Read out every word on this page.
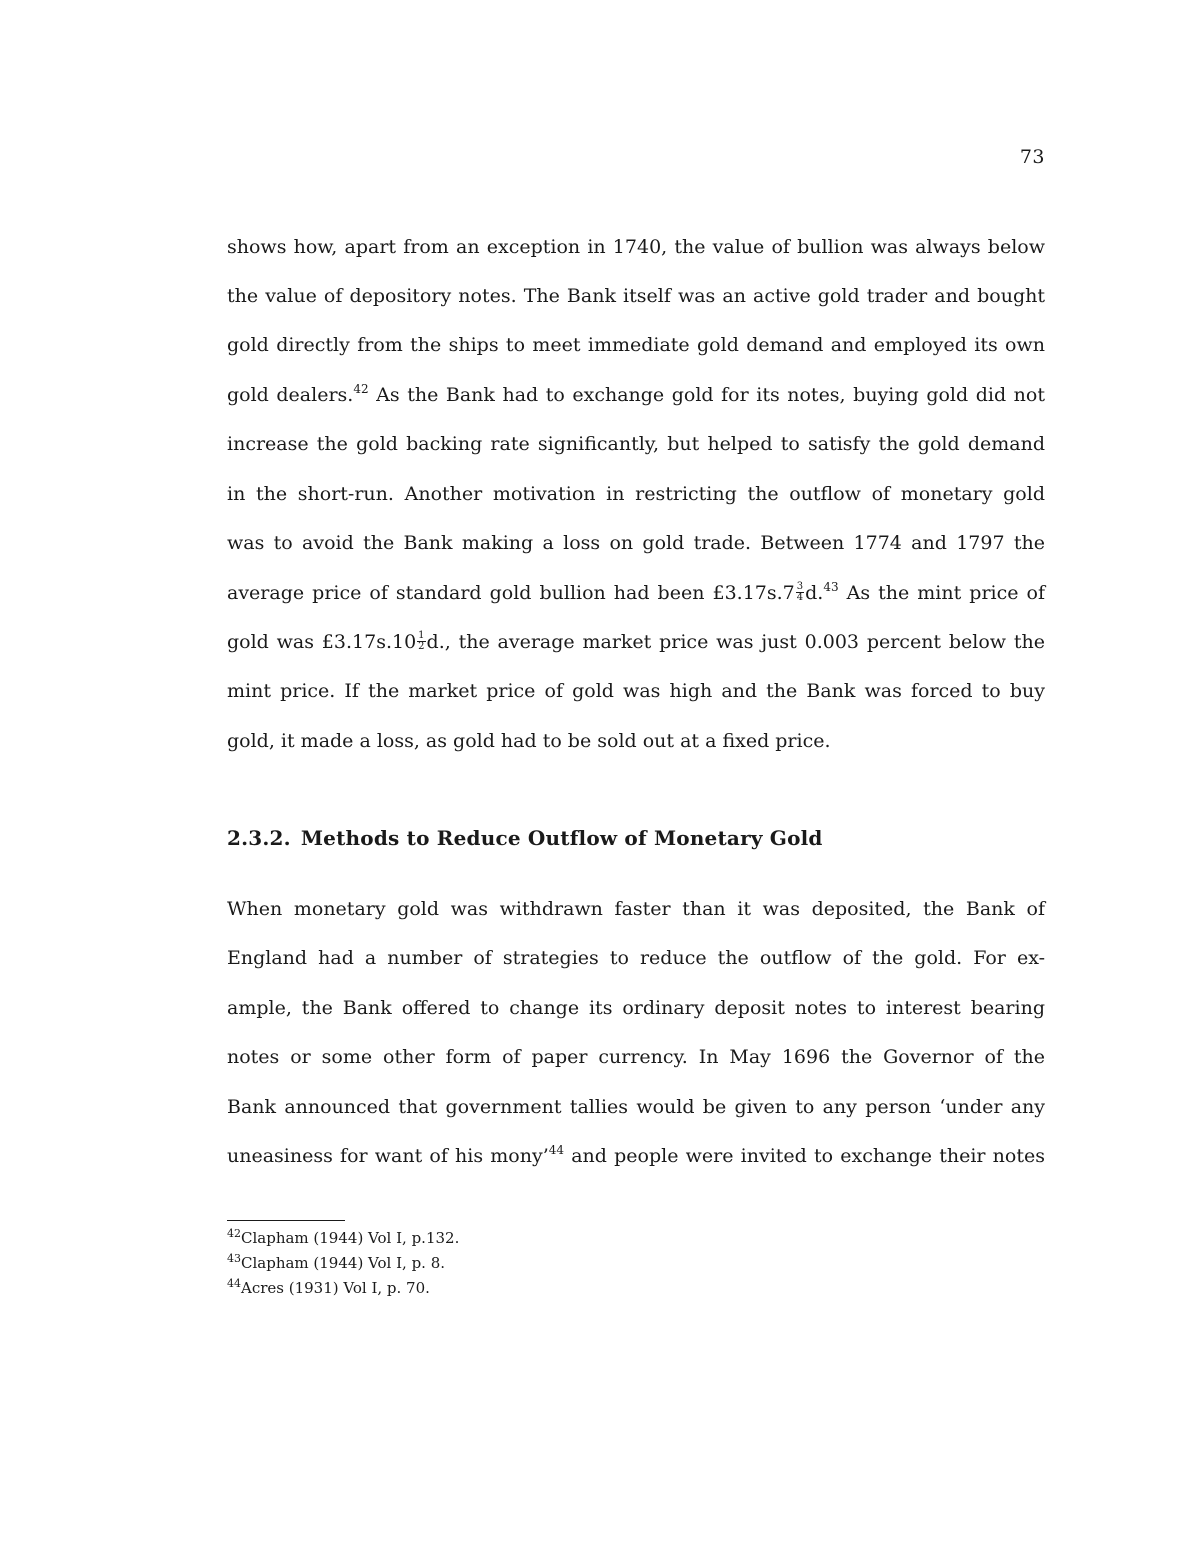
73
shows how, apart from an exception in 1740, the value of bullion was always below
the value of depository notes. The Bank itself was an active gold trader and bought
gold directly from the ships to meet immediate gold demand and employed its own
gold dealers.$^{42}$ As the Bank had to exchange gold for its notes, buying gold did not
increase the gold backing rate significantly, but helped to satisfy the gold demand
in the short-run. Another motivation in restricting the outflow of monetary gold
was to avoid the Bank making a loss on gold trade. Between 1774 and 1797 the
average price of standard gold bullion had been £3.17s.7 $\frac{3}{4} d.^{43}$ As the mint price of
gold was £3.17s.10 $\frac{1}{2} d$., the average market price was just 0.003 percent below the
mint price. If the market price of gold was high and the Bank was forced to buy
gold, it made a loss, as gold had to be sold out at a fixed price.
2.3.2. Methods to Reduce Outflow of Monetary Gold
When monetary gold was withdrawn faster than it was deposited, the Bank of
England had a number of strategies to reduce the outflow of the gold. For ex-
ample, the Bank offered to change its ordinary deposit notes to interest bearing
notes or some other form of paper currency. In May 1696 the Governor of the
Bank announced that government tallies would be given to any person ‘under any
uneasiness for want of his mony’$^{44}$ and people were invited to exchange their notes
$^{42}$Clapham (1944) Vol I, p.132.
$^{43}$Clapham (1944) Vol I, p. 8.
$^{44}$Acres (1931) Vol I, p. 70.
